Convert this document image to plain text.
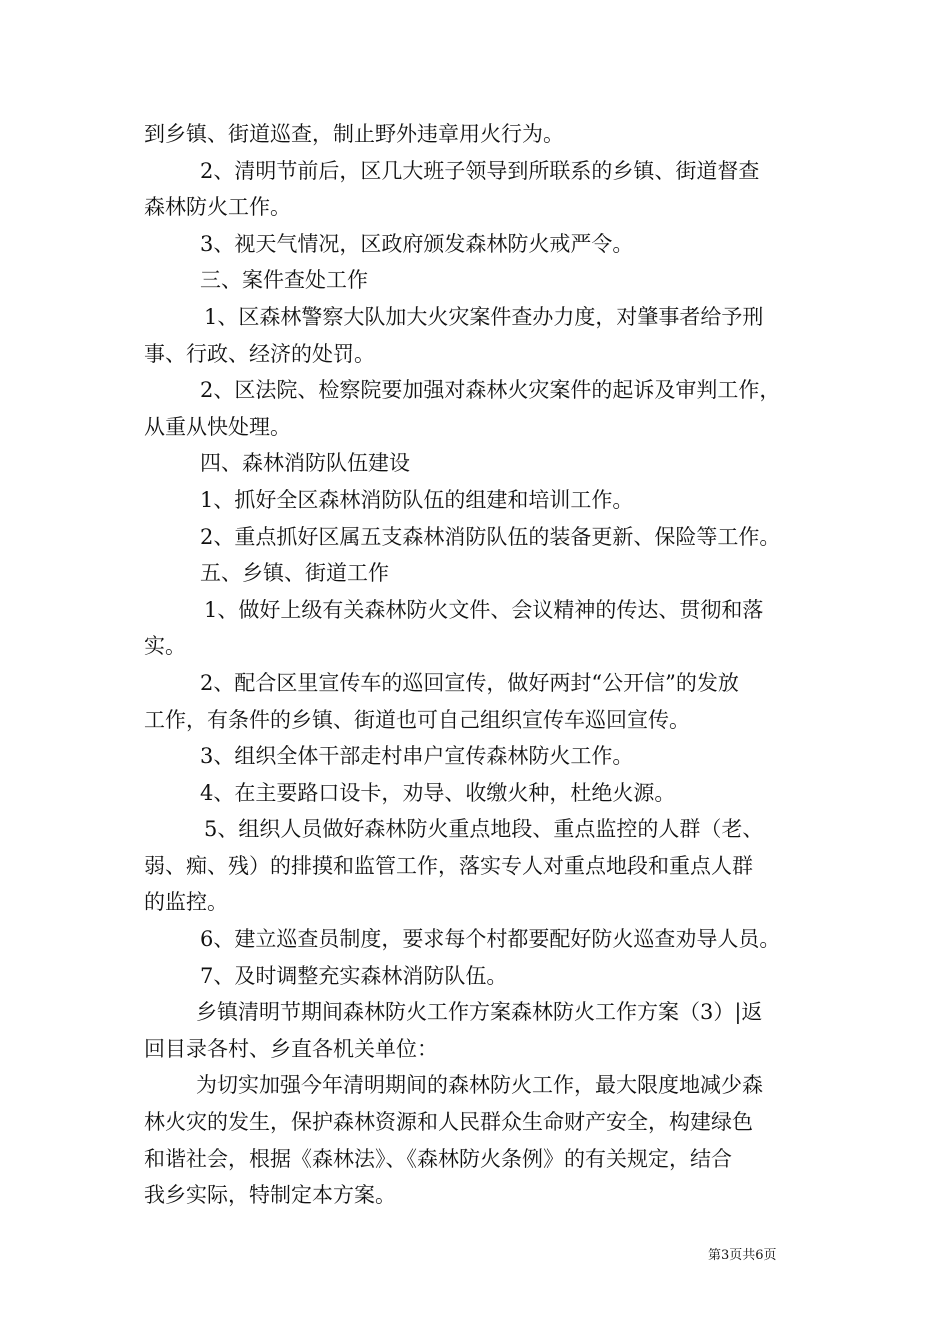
到乡镇、街道巡查，制止野外违章用火行为。
2、清明节前后，区几大班子领导到所联系的乡镇、街道督查
森林防火工作。
3、视天气情况，区政府颁发森林防火戒严令。
三、案件查处工作
1、区森林警察大队加大火灾案件查办力度，对肇事者给予刑
事、行政、经济的处罚。
2、区法院、检察院要加强对森林火灾案件的起诉及审判工作，
从重从快处理。
四、森林消防队伍建设
1、抓好全区森林消防队伍的组建和培训工作。
2、重点抓好区属五支森林消防队伍的装备更新、保险等工作。
五、乡镇、街道工作
1、做好上级有关森林防火文件、会议精神的传达、贯彻和落
实。
2、配合区里宣传车的巡回宣传，做好两封“公开信”的发放
工作，有条件的乡镇、街道也可自己组织宣传车巡回宣传。
3、组织全体干部走村串户宣传森林防火工作。
4、在主要路口设卡，劝导、收缴火种，杜绝火源。
5、组织人员做好森林防火重点地段、重点监控的人群（老、
弱、痴、残）的排摸和监管工作，落实专人对重点地段和重点人群
的监控。
6、建立巡查员制度，要求每个村都要配好防火巡查劝导人员。
7、及时调整充实森林消防队伍。
乡镇清明节期间森林防火工作方案森林防火工作方案（3）|返
回目录各村、乡直各机关单位：
为切实加强今年清明期间的森林防火工作，最大限度地减少森
林火灾的发生，保护森林资源和人民群众生命财产安全，构建绿色
和谐社会，根据《森林法》、《森林防火条例》的有关规定，结合
我乡实际，特制定本方案。
第3页共6页
